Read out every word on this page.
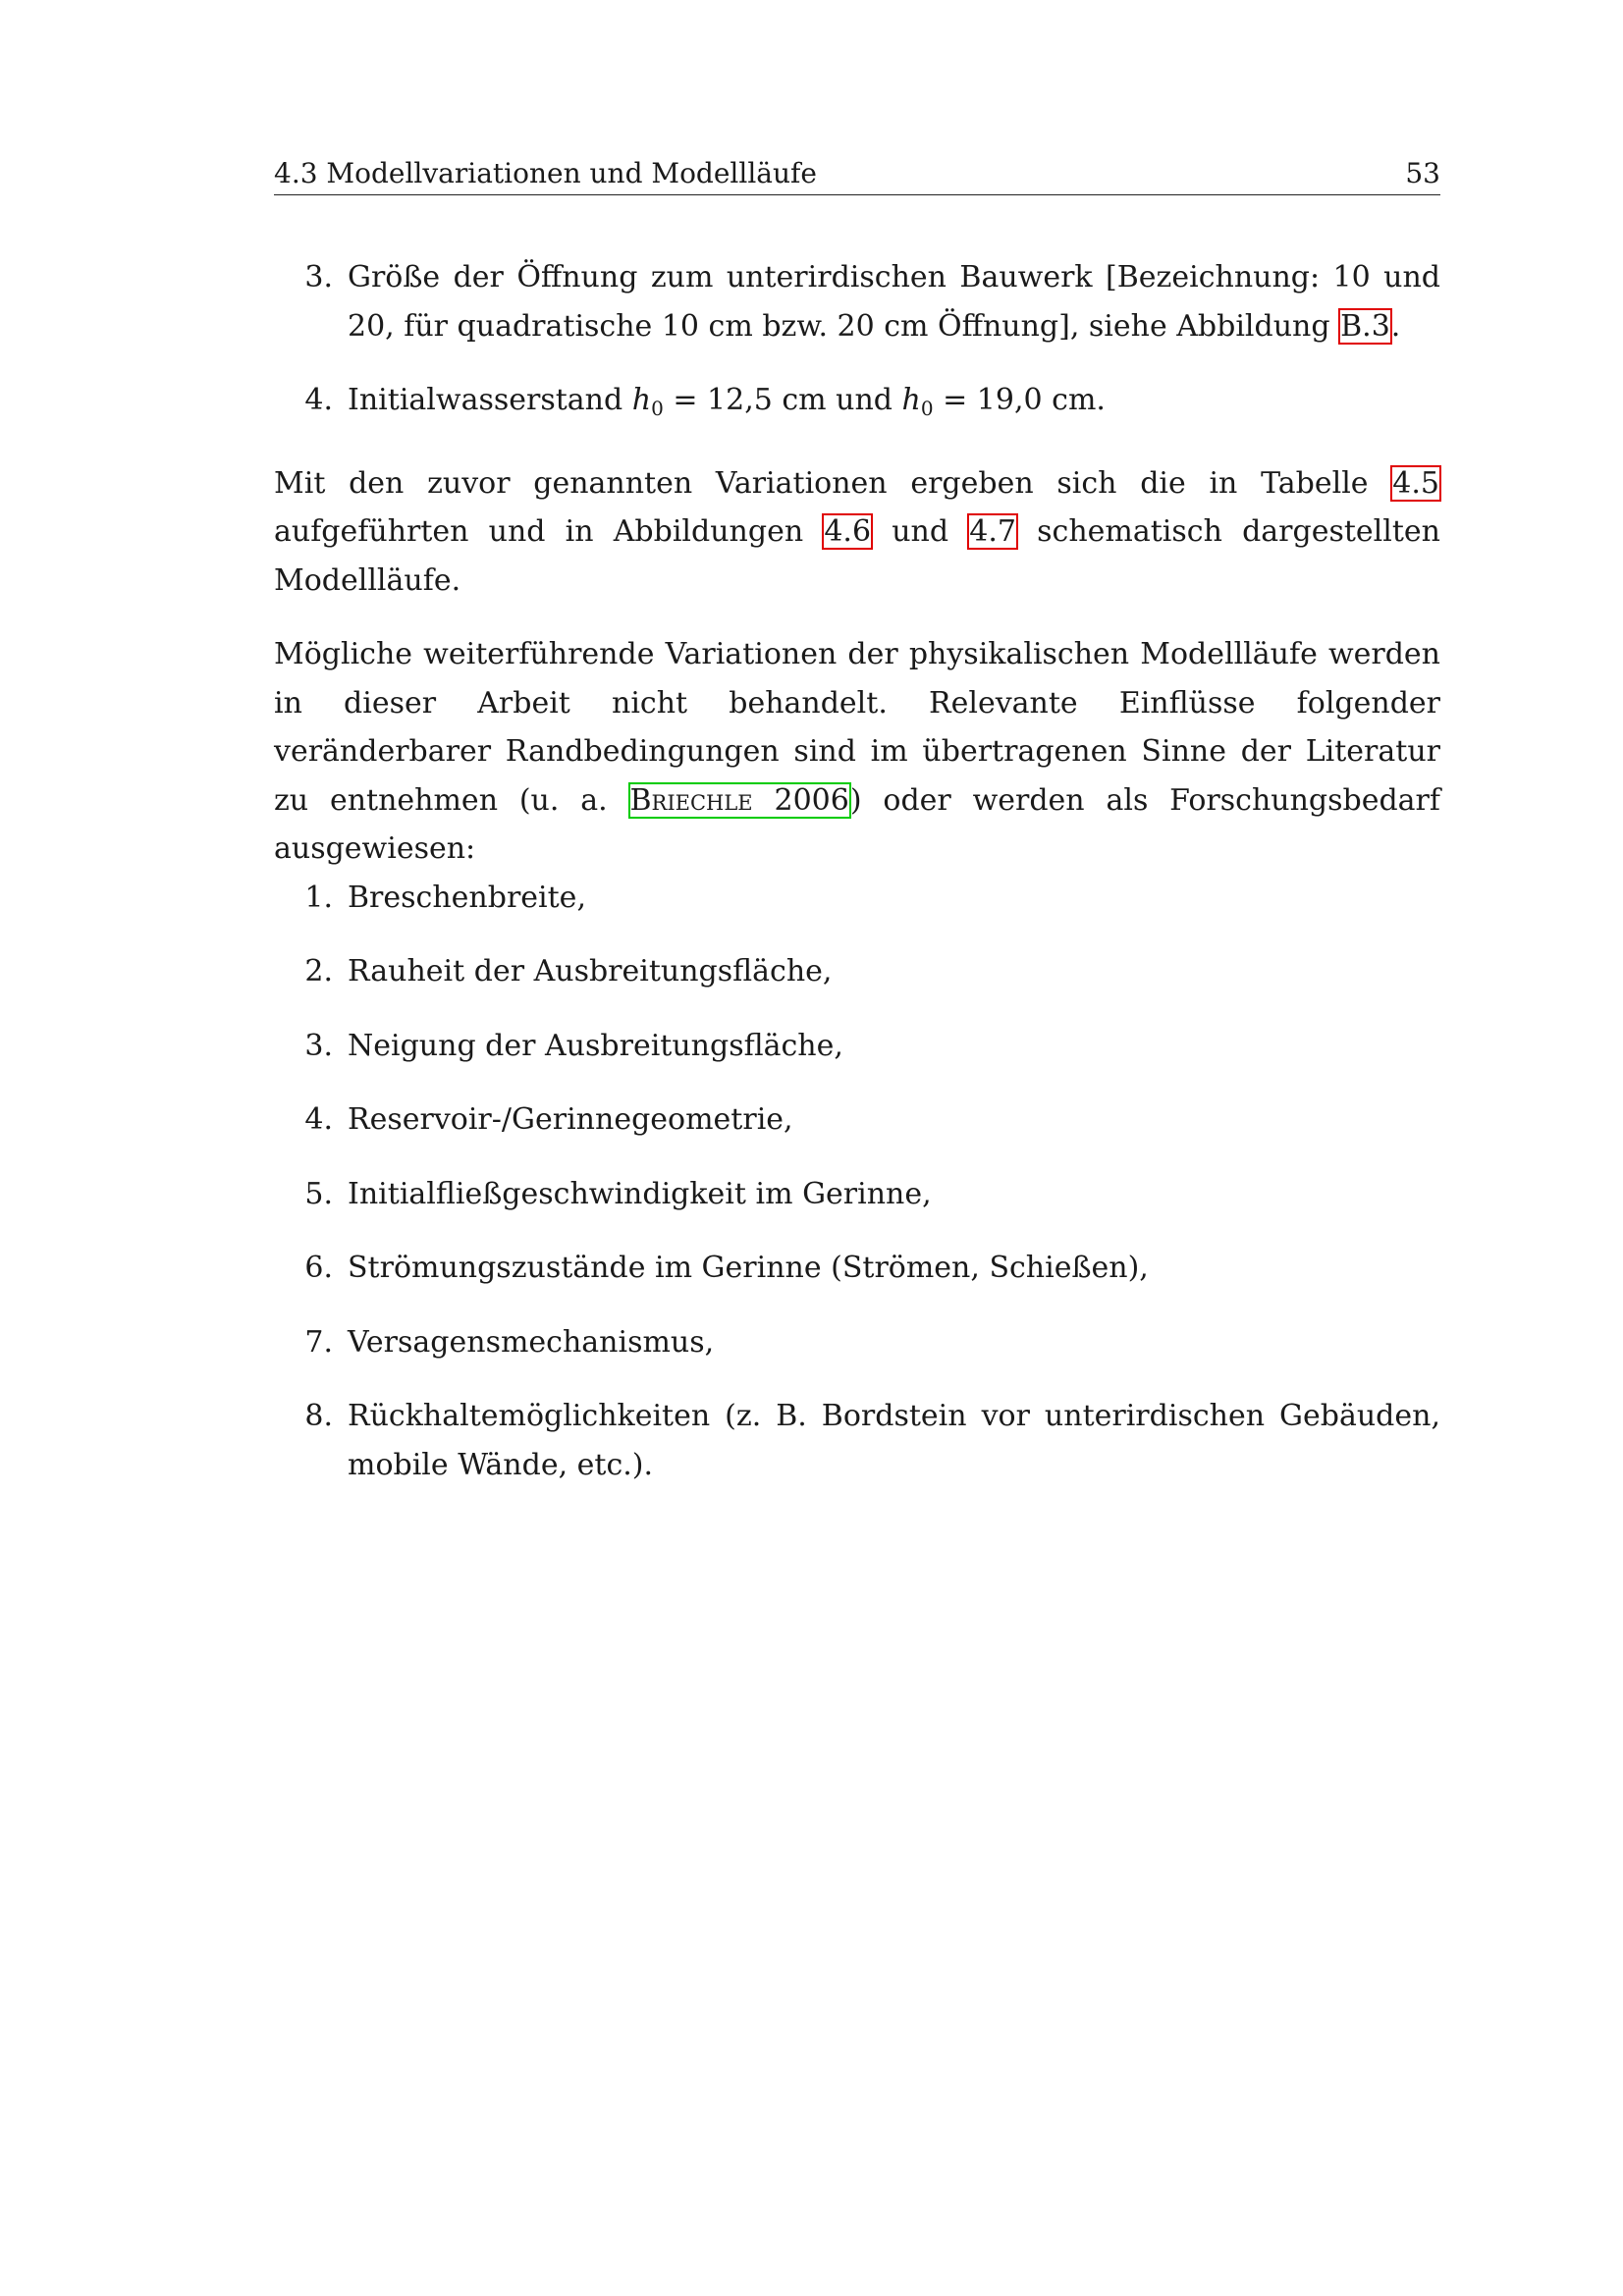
4.3 Modellvariationen und Modellläufe	53
3. Größe der Öffnung zum unterirdischen Bauwerk [Bezeichnung: 10 und 20, für quadratische 10 cm bzw. 20 cm Öffnung], siehe Abbildung B.3.
4. Initialwasserstand $h_0 = 12,5$ cm und $h_0 = 19,0$ cm.

Mit den zuvor genannten Variationen ergeben sich die in Tabelle 4.5 aufgeführten und in Abbildungen 4.6 und 4.7 schematisch dargestellten Modellläufe.

Mögliche weiterführende Variationen der physikalischen Modellläufe werden in dieser Arbeit nicht behandelt. Relevante Einflüsse folgender veränderbarer Randbedingungen sind im übertragenen Sinne der Literatur zu entnehmen (u. a. Briechle 2006) oder werden als Forschungsbedarf ausgewiesen:

1. Breschenbreite,
2. Rauheit der Ausbreitungsfläche,
3. Neigung der Ausbreitungsfläche,
4. Reservoir-/Gerinnegeometrie,
5. Initialfließgeschwindigkeit im Gerinne,
6. Strömungszustände im Gerinne (Strömen, Schießen),
7. Versagensmechanismus,
8. Rückhaltemöglichkeiten (z. B. Bordstein vor unterirdischen Gebäuden, mobile Wände, etc.).
